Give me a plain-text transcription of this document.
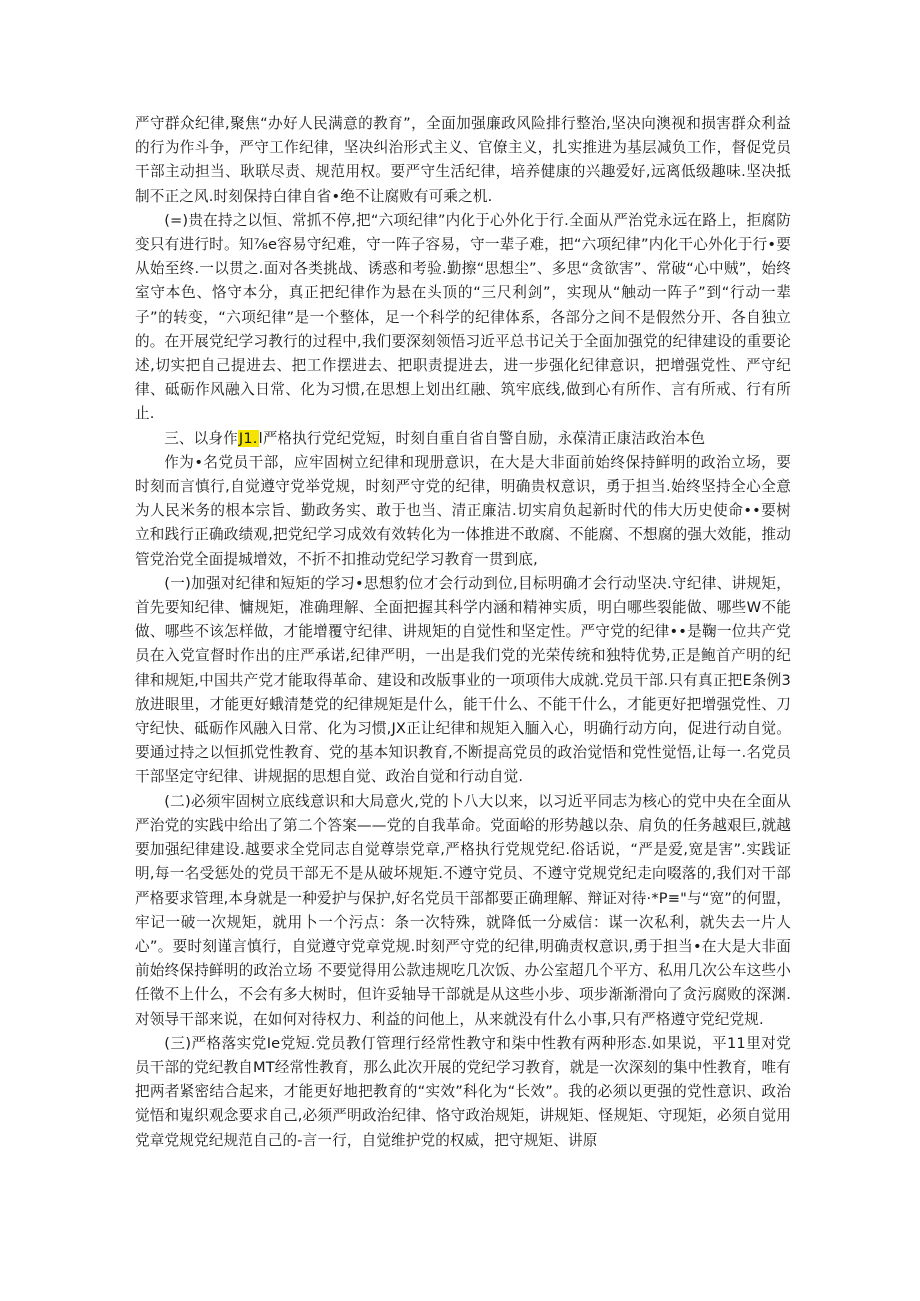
严守群众纪律,聚焦“办好人民满意的教育”，全面加强廉政风险排行整治,坚决向澳视和损害群众利益的行为作斗争，严守工作纪律，坚决纠治形式主义、官僚主义，扎实推进为基层减负工作，督促党员干部主动担当、耿联尽责、规范用权。要严守生活纪律，培养健康的兴趣爱好,远离低级趣味.坚决抵制不正之风.时刻保持白律自省•绝不让腐败有可乘之机.

(=)贵在持之以恒、常抓不停,把“六项纪律”内化于心外化于行.全面从严治党永远在路上，拒腐防变只有进行时。知⅞e容易守纪难，守一阵子容易，守一辈子难，把“六项纪律”内化干心外化于行•要从始至终.一以贯之.面对各类挑战、诱惑和考验.勤擦“思想尘”、多思“贪欲害”、常破“心中贼”，始终室守本色、恪守本分，真正把纪律作为悬在头顶的“三尺利剑”，实现从“触动一阵子”到“行动一辈子”的转变，“六项纪律”是一个整体，足一个科学的纪律体系，各部分之间不是假然分开、各自独立的。在开展党纪学习教行的过程中,我们要深刻领悟习近平总书记关于全面加强党的纪律建设的重要论述,切实把自己提进去、把工作摆进去、把职责提进去，进一步强化纪律意识，把增强党性、严守纪律、砥砺作风融入日常、化为习惯,在思想上划出红融、筑牢底线,做到心有所作、言有所戒、行有所止.

三、以身作J1.l严格执行党纪党短，时刻自重自省自警自励，永葆清正康洁政治本色

作为•名党员干部，应牢固树立纪律和现册意识，在大是大非面前始终保持鲜明的政治立场，要时刻而言慎行,自觉遵守党举党规，时刻严守党的纪律，明确贵权意识，勇于担当.始终坚持全心全意为人民米务的根本宗旨、勤政务实、敢于也当、清正廉洁.切实肩负起新时代的伟大历史使命••要树立和践行正确政绩观,把党纪学习成效有效转化为一体推进不敢腐、不能腐、不想腐的强大效能，推动管党治党全面提城增效，不折不扣推动党纪学习教育一贯到底,

(一)加强对纪律和短矩的学习•思想豹位才会行动到位,目标明确才会行动坚决.守纪律、讲规矩，首先要知纪律、慵规矩，准确理解、全面把握其科学内涵和精神实质，明白哪些裂能做、哪些W不能做、哪些不该怎样做，才能增覆守纪律、讲规矩的自觉性和坚定性。严守党的纪律••是鞠一位共产党员在入党宣督时作出的庄严承诺,纪律严明，一出是我们党的光荣传统和独特优势,正是鲍首产明的纪律和规矩,中国共产党才能取得革命、建设和改版事业的一项项伟大成就.党员干部.只有真正把E条例3放进眼里，才能更好蛾清楚党的纪律规矩是什么，能干什么、不能干什么，才能更好把增强党性、刀守纪快、砥砺作风融入日常、化为习惯,JX正让纪律和规矩入腼入心，明确行动方向，促进行动自觉。要通过持之以恒抓党性教育、党的基本知识教育,不断提高党员的政治觉悟和党性觉悟,让每一.名党员干部坚定守纪律、讲规据的思想自觉、政治自觉和行动自觉.

(二)必须牢固树立底线意识和大局意火,党的卜八大以来，以习近平同志为核心的党中央在全面从严治党的实践中给出了第二个答案——党的自我革命。党面峪的形势越以杂、肩负的任务越艰巨,就越要加强纪律建设.越要求全党同志自觉尊崇党章,严格执行党规党纪.俗话说，“严是爱,宽是害”.实践证明,每一名受惩处的党员干部无不是从破坏规矩.不遵守党员、不遵守党规党纪走向啜落的,我们对干部严格要求管理,本身就是一种爱护与保护,好名党员干部都要正确理解、辩证对待·*P≡"与“宽”的何盟，牢记一破一次规矩，就用卜一个污点：条一次特殊，就降低一分威信：谋一次私利，就失去一片人心”。要时刻谨言慎行，自觉遵守党章党规.时刻严守党的纪律,明确责权意识,勇于担当•在大是大非面前始终保持鲜明的政治立场 不要觉得用公款违规吃几次饭、办公室超几个平方、私用几次公车这些小任徵不上什么，不会有多大树时，但许妥轴导干部就是从这些小步、项步渐渐滑向了贪污腐败的深渊.对领导干部来说，在如何对待权力、利益的问他上，从来就没有什么小事,只有严格遵守党纪党规.

(三)严格落实党Ie党短.党员教仃管理行经常性教守和柒中性教有两种形态.如果说，平11里对党员干部的党纪教自MT经常性教育，那么此次开展的党纪学习教育，就是一次深刻的集中性教育，唯有把两者紧密结合起来，才能更好地把教育的“实效”科化为“长效”。我的必须以更强的党性意识、政治觉悟和嵬织观念要求自己,必须严明政治纪律、恪守政治规矩，讲规矩、怪规矩、守现矩，必须自觉用党章党规党纪规范自己的-言一行，自觉维护党的权威，把守规矩、讲原
